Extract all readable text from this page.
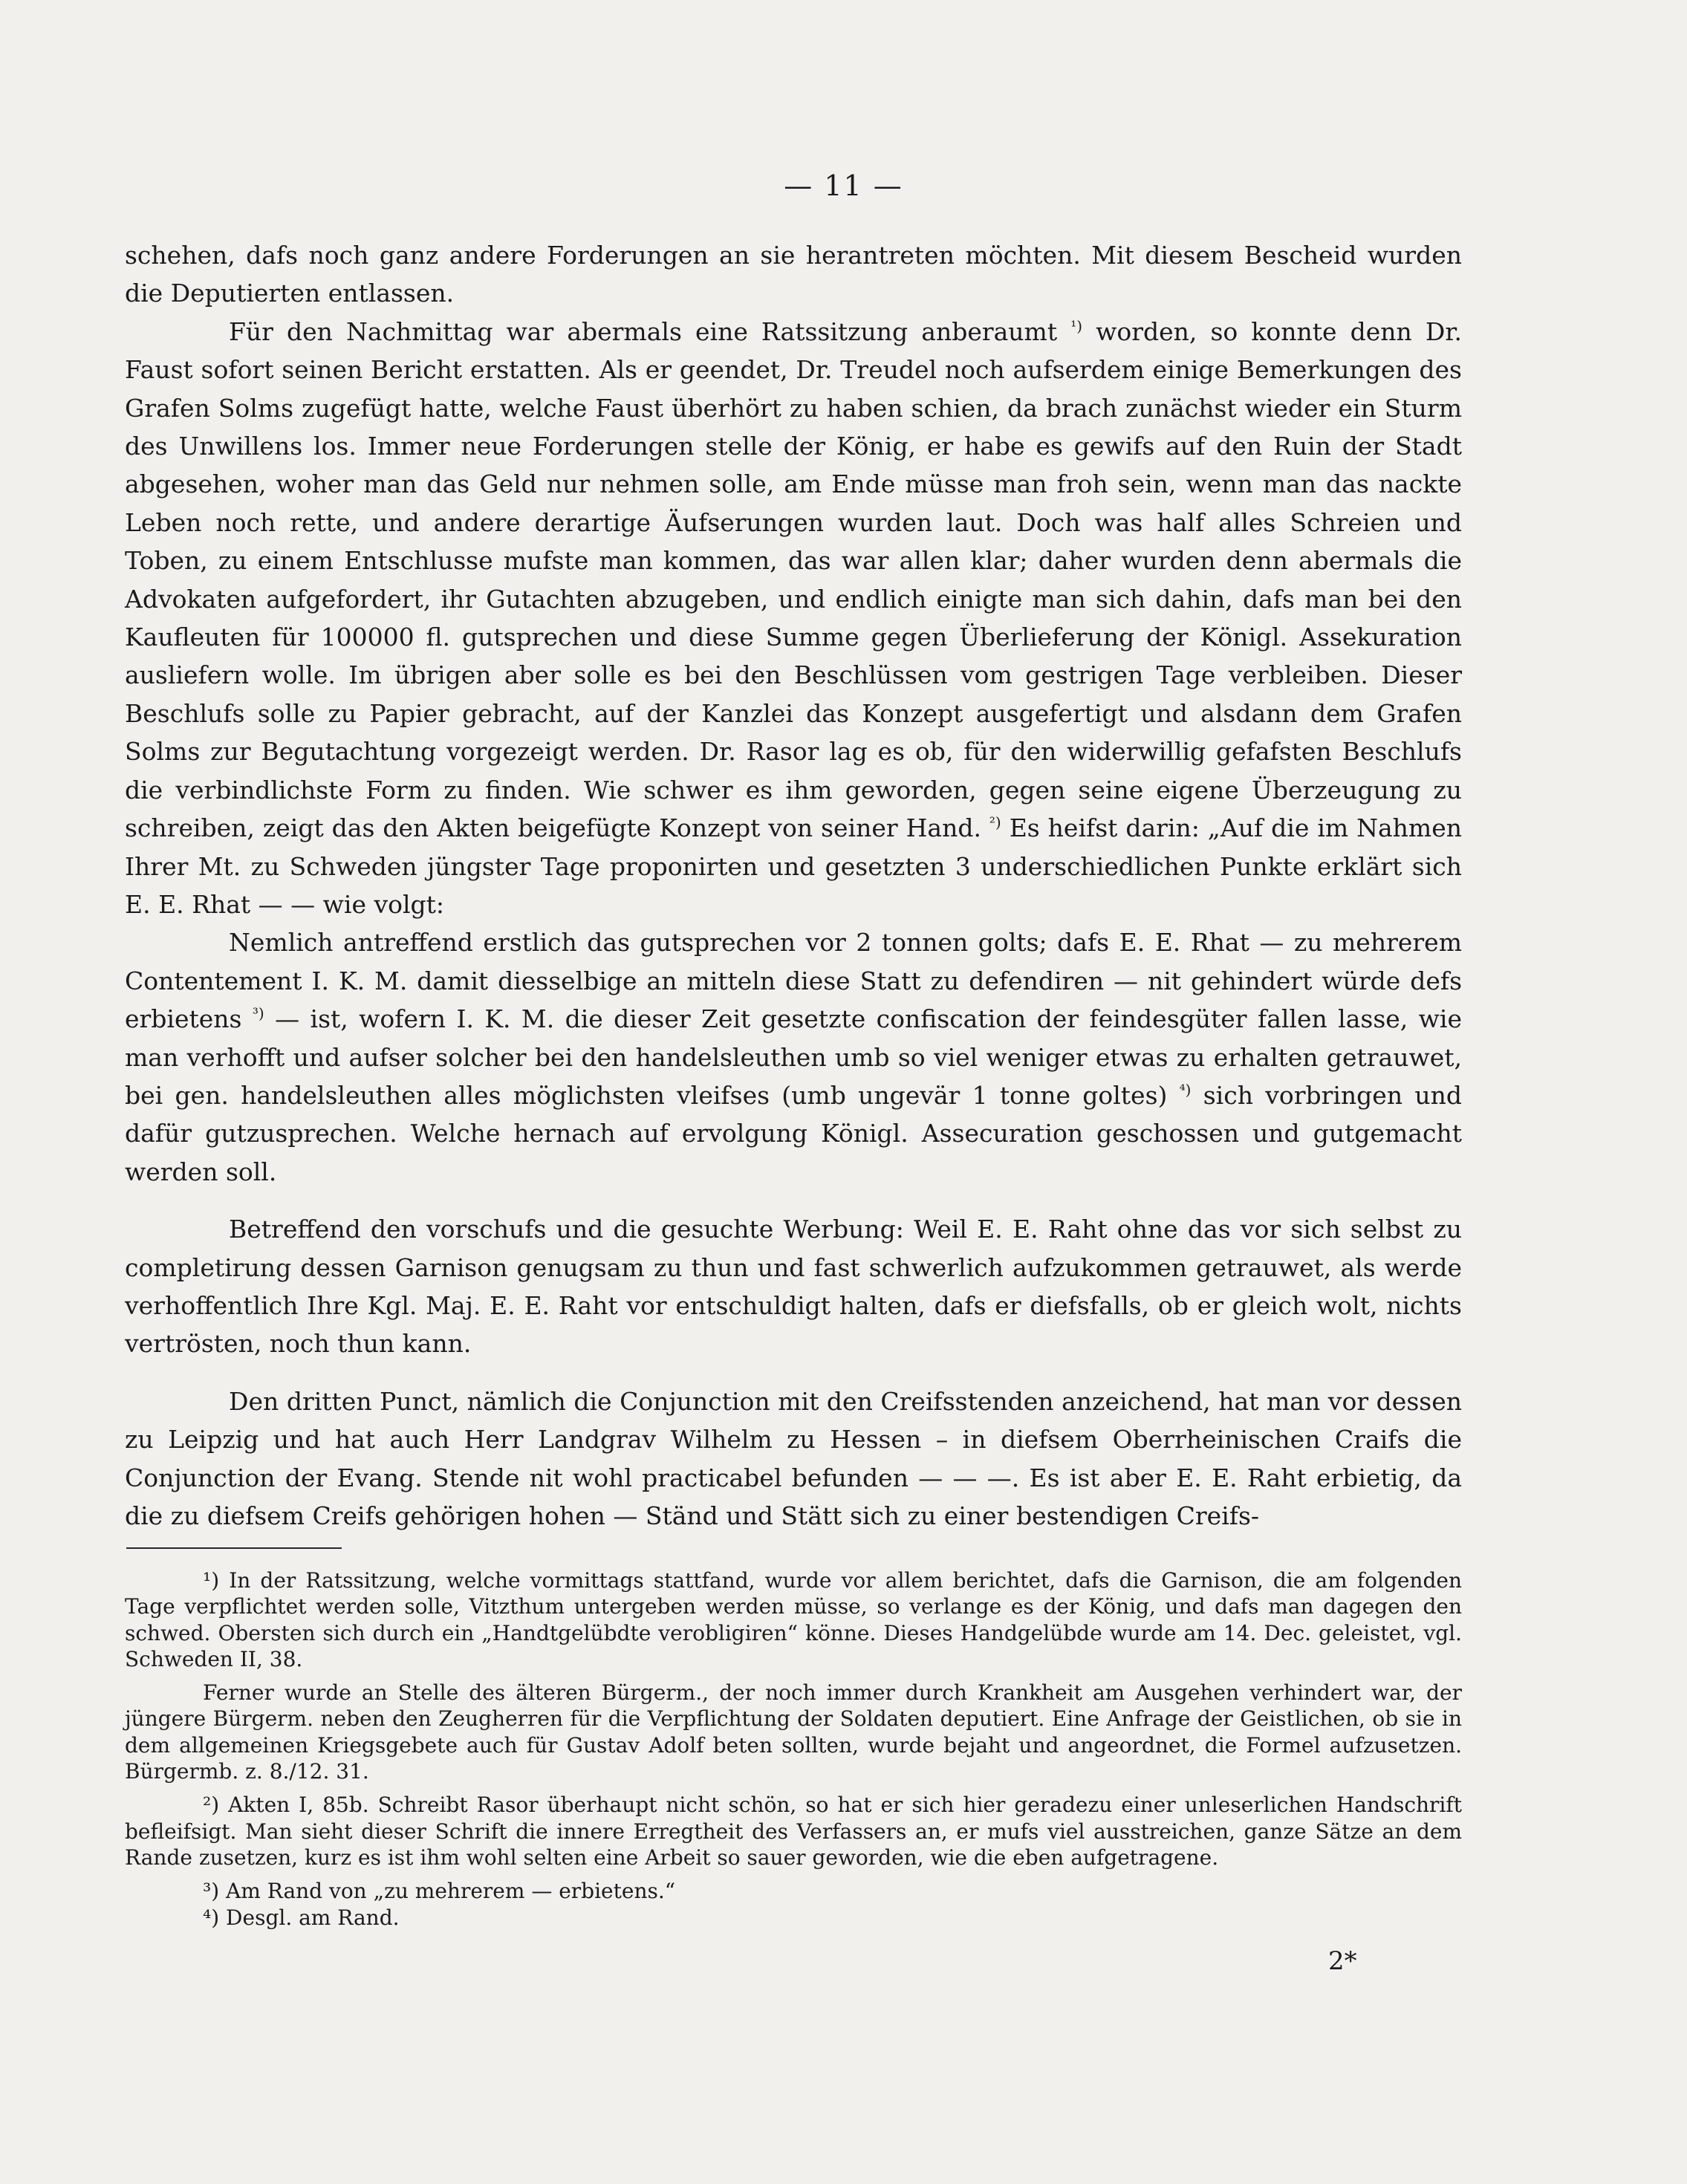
— 11 —

schehen, dafs noch ganz andere Forderungen an sie herantreten möchten. Mit diesem Bescheid wurden die Deputierten entlassen.

Für den Nachmittag war abermals eine Ratssitzung anberaumt $^{^1)}$ worden, so konnte denn Dr. Faust sofort seinen Bericht erstatten. Als er geendet, Dr. Treudel noch aufserdem einige Bemerkungen des Grafen Solms zugefügt hatte, welche Faust überhört zu haben schien, da brach zunächst wieder ein Sturm des Unwillens los. Immer neue Forderungen stelle der König, er habe es gewifs auf den Ruin der Stadt abgesehen, woher man das Geld nur nehmen solle, am Ende müsse man froh sein, wenn man das nackte Leben noch rette, und andere derartige Äufserungen wurden laut. Doch was half alles Schreien und Toben, zu einem Entschlusse mufste man kommen, das war allen klar; daher wurden denn abermals die Advokaten aufgefordert, ihr Gutachten abzugeben, und endlich einigte man sich dahin, dafs man bei den Kaufleuten für 100000 fl. gutsprechen und diese Summe gegen Überlieferung der Königl. Assekuration ausliefern wolle. Im übrigen aber solle es bei den Beschlüssen vom gestrigen Tage verbleiben. Dieser Beschlufs solle zu Papier gebracht, auf der Kanzlei das Konzept ausgefertigt und alsdann dem Grafen Solms zur Begutachtung vorgezeigt werden. Dr. Rasor lag es ob, für den widerwillig gefafsten Beschlufs die verbindlichste Form zu finden. Wie schwer es ihm geworden, gegen seine eigene Überzeugung zu schreiben, zeigt das den Akten beigefügte Konzept von seiner Hand. $^{^2)}$ Es heifst darin: „Auf die im Nahmen Ihrer Mt. zu Schweden jüngster Tage proponirten und gesetzten 3 underschiedlichen Punkte erklärt sich E. E. Rhat — — wie volgt:

Nemlich antreffend erstlich das gutsprechen vor 2 tonnen golts; dafs E. E. Rhat — zu mehrerem Contentement I. K. M. damit diesselbige an mitteln diese Statt zu defendiren — nit gehindert würde defs erbietens $^{^3)}$ — ist, wofern I. K. M. die dieser Zeit gesetzte confiscation der feindesgüter fallen lasse, wie man verhofft und aufser solcher bei den handelsleuthen umb so viel weniger etwas zu erhalten getrauwet, bei gen. handelsleuthen alles möglichsten vleifses (umb ungevär 1 tonne goltes) $^{^4)}$ sich vorbringen und dafür gutzusprechen. Welche hernach auf ervolgung Königl. Assecuration geschossen und gutgemacht werden soll.

Betreffend den vorschufs und die gesuchte Werbung: Weil E. E. Raht ohne das vor sich selbst zu completirung dessen Garnison genugsam zu thun und fast schwerlich aufzukommen getrauwet, als werde verhoffentlich Ihre Kgl. Maj. E. E. Raht vor entschuldigt halten, dafs er diefsfalls, ob er gleich wolt, nichts vertrösten, noch thun kann.

Den dritten Punct, nämlich die Conjunction mit den Creifsstenden anzeichend, hat man vor dessen zu Leipzig und hat auch Herr Landgrav Wilhelm zu Hessen – in diefsem Oberrheinischen Craifs die Conjunction der Evang. Stende nit wohl practicabel befunden — — —. Es ist aber E. E. Raht erbietig, da die zu diefsem Creifs gehörigen hohen — Ständ und Stätt sich zu einer bestendigen Creifs-

¹) In der Ratssitzung, welche vormittags stattfand, wurde vor allem berichtet, dafs die Garnison, die am folgenden Tage verpflichtet werden solle, Vitzthum untergeben werden müsse, so verlange es der König, und dafs man dagegen den schwed. Obersten sich durch ein „Handtgelübdte verobligiren“ könne. Dieses Handgelübde wurde am 14. Dec. geleistet, vgl. Schweden II, 38.

Ferner wurde an Stelle des älteren Bürgerm., der noch immer durch Krankheit am Ausgehen verhindert war, der jüngere Bürgerm. neben den Zeugherren für die Verpflichtung der Soldaten deputiert. Eine Anfrage der Geistlichen, ob sie in dem allgemeinen Kriegsgebete auch für Gustav Adolf beten sollten, wurde bejaht und angeordnet, die Formel aufzusetzen. Bürgermb. z. 8./12. 31.

²) Akten I, 85b. Schreibt Rasor überhaupt nicht schön, so hat er sich hier geradezu einer unleserlichen Handschrift befleifsigt. Man sieht dieser Schrift die innere Erregtheit des Verfassers an, er mufs viel ausstreichen, ganze Sätze an dem Rande zusetzen, kurz es ist ihm wohl selten eine Arbeit so sauer geworden, wie die eben aufgetragene.

³) Am Rand von „zu mehrerem — erbietens.“

⁴) Desgl. am Rand.

2*
